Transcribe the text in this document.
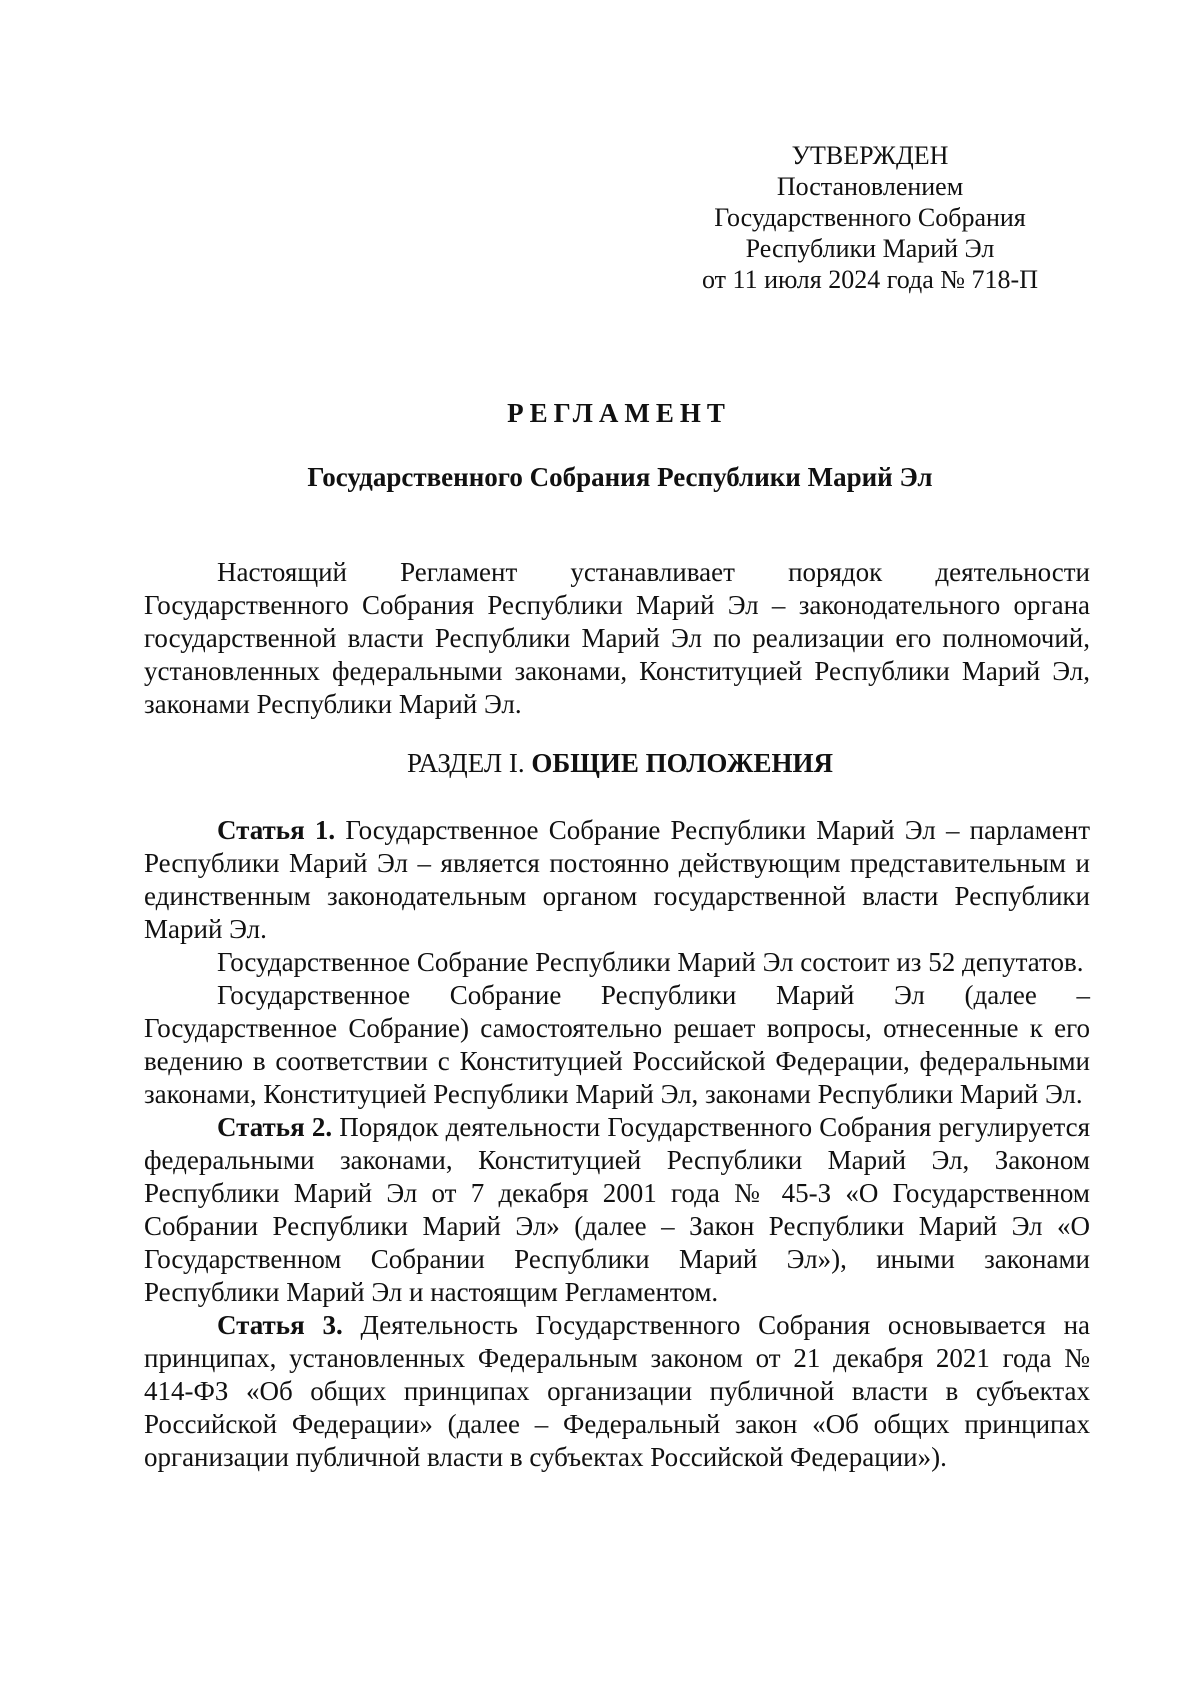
УТВЕРЖДЕН
Постановлением
Государственного Собрания
Республики Марий Эл
от 11 июля 2024 года № 718-П
РЕГЛАМЕНТ
Государственного Собрания Республики Марий Эл
Настоящий Регламент устанавливает порядок деятельности Государственного Собрания Республики Марий Эл – законодательного органа государственной власти Республики Марий Эл по реализации его полномочий, установленных федеральными законами, Конституцией Республики Марий Эл, законами Республики Марий Эл.
РАЗДЕЛ I. ОБЩИЕ ПОЛОЖЕНИЯ

Статья 1. Государственное Собрание Республики Марий Эл – парламент Республики Марий Эл – является постоянно действующим представительным и единственным законодательным органом государственной власти Республики Марий Эл.

Государственное Собрание Республики Марий Эл состоит из 52 депутатов.

Государственное Собрание Республики Марий Эл (далее – Государственное Собрание) самостоятельно решает вопросы, отнесенные к его ведению в соответствии с Конституцией Российской Федерации, федеральными законами, Конституцией Республики Марий Эл, законами Республики Марий Эл.

Статья 2. Порядок деятельности Государственного Собрания регулируется федеральными законами, Конституцией Республики Марий Эл, Законом Республики Марий Эл от 7 декабря 2001 года № 45-З «О Государственном Собрании Республики Марий Эл» (далее – Закон Республики Марий Эл «О Государственном Собрании Республики Марий Эл»), иными законами Республики Марий Эл и настоящим Регламентом.

Статья 3. Деятельность Государственного Собрания основывается на принципах, установленных Федеральным законом от 21 декабря 2021 года № 414-ФЗ «Об общих принципах организации публичной власти в субъектах Российской Федерации» (далее – Федеральный закон «Об общих принципах организации публичной власти в субъектах Российской Федерации»).
